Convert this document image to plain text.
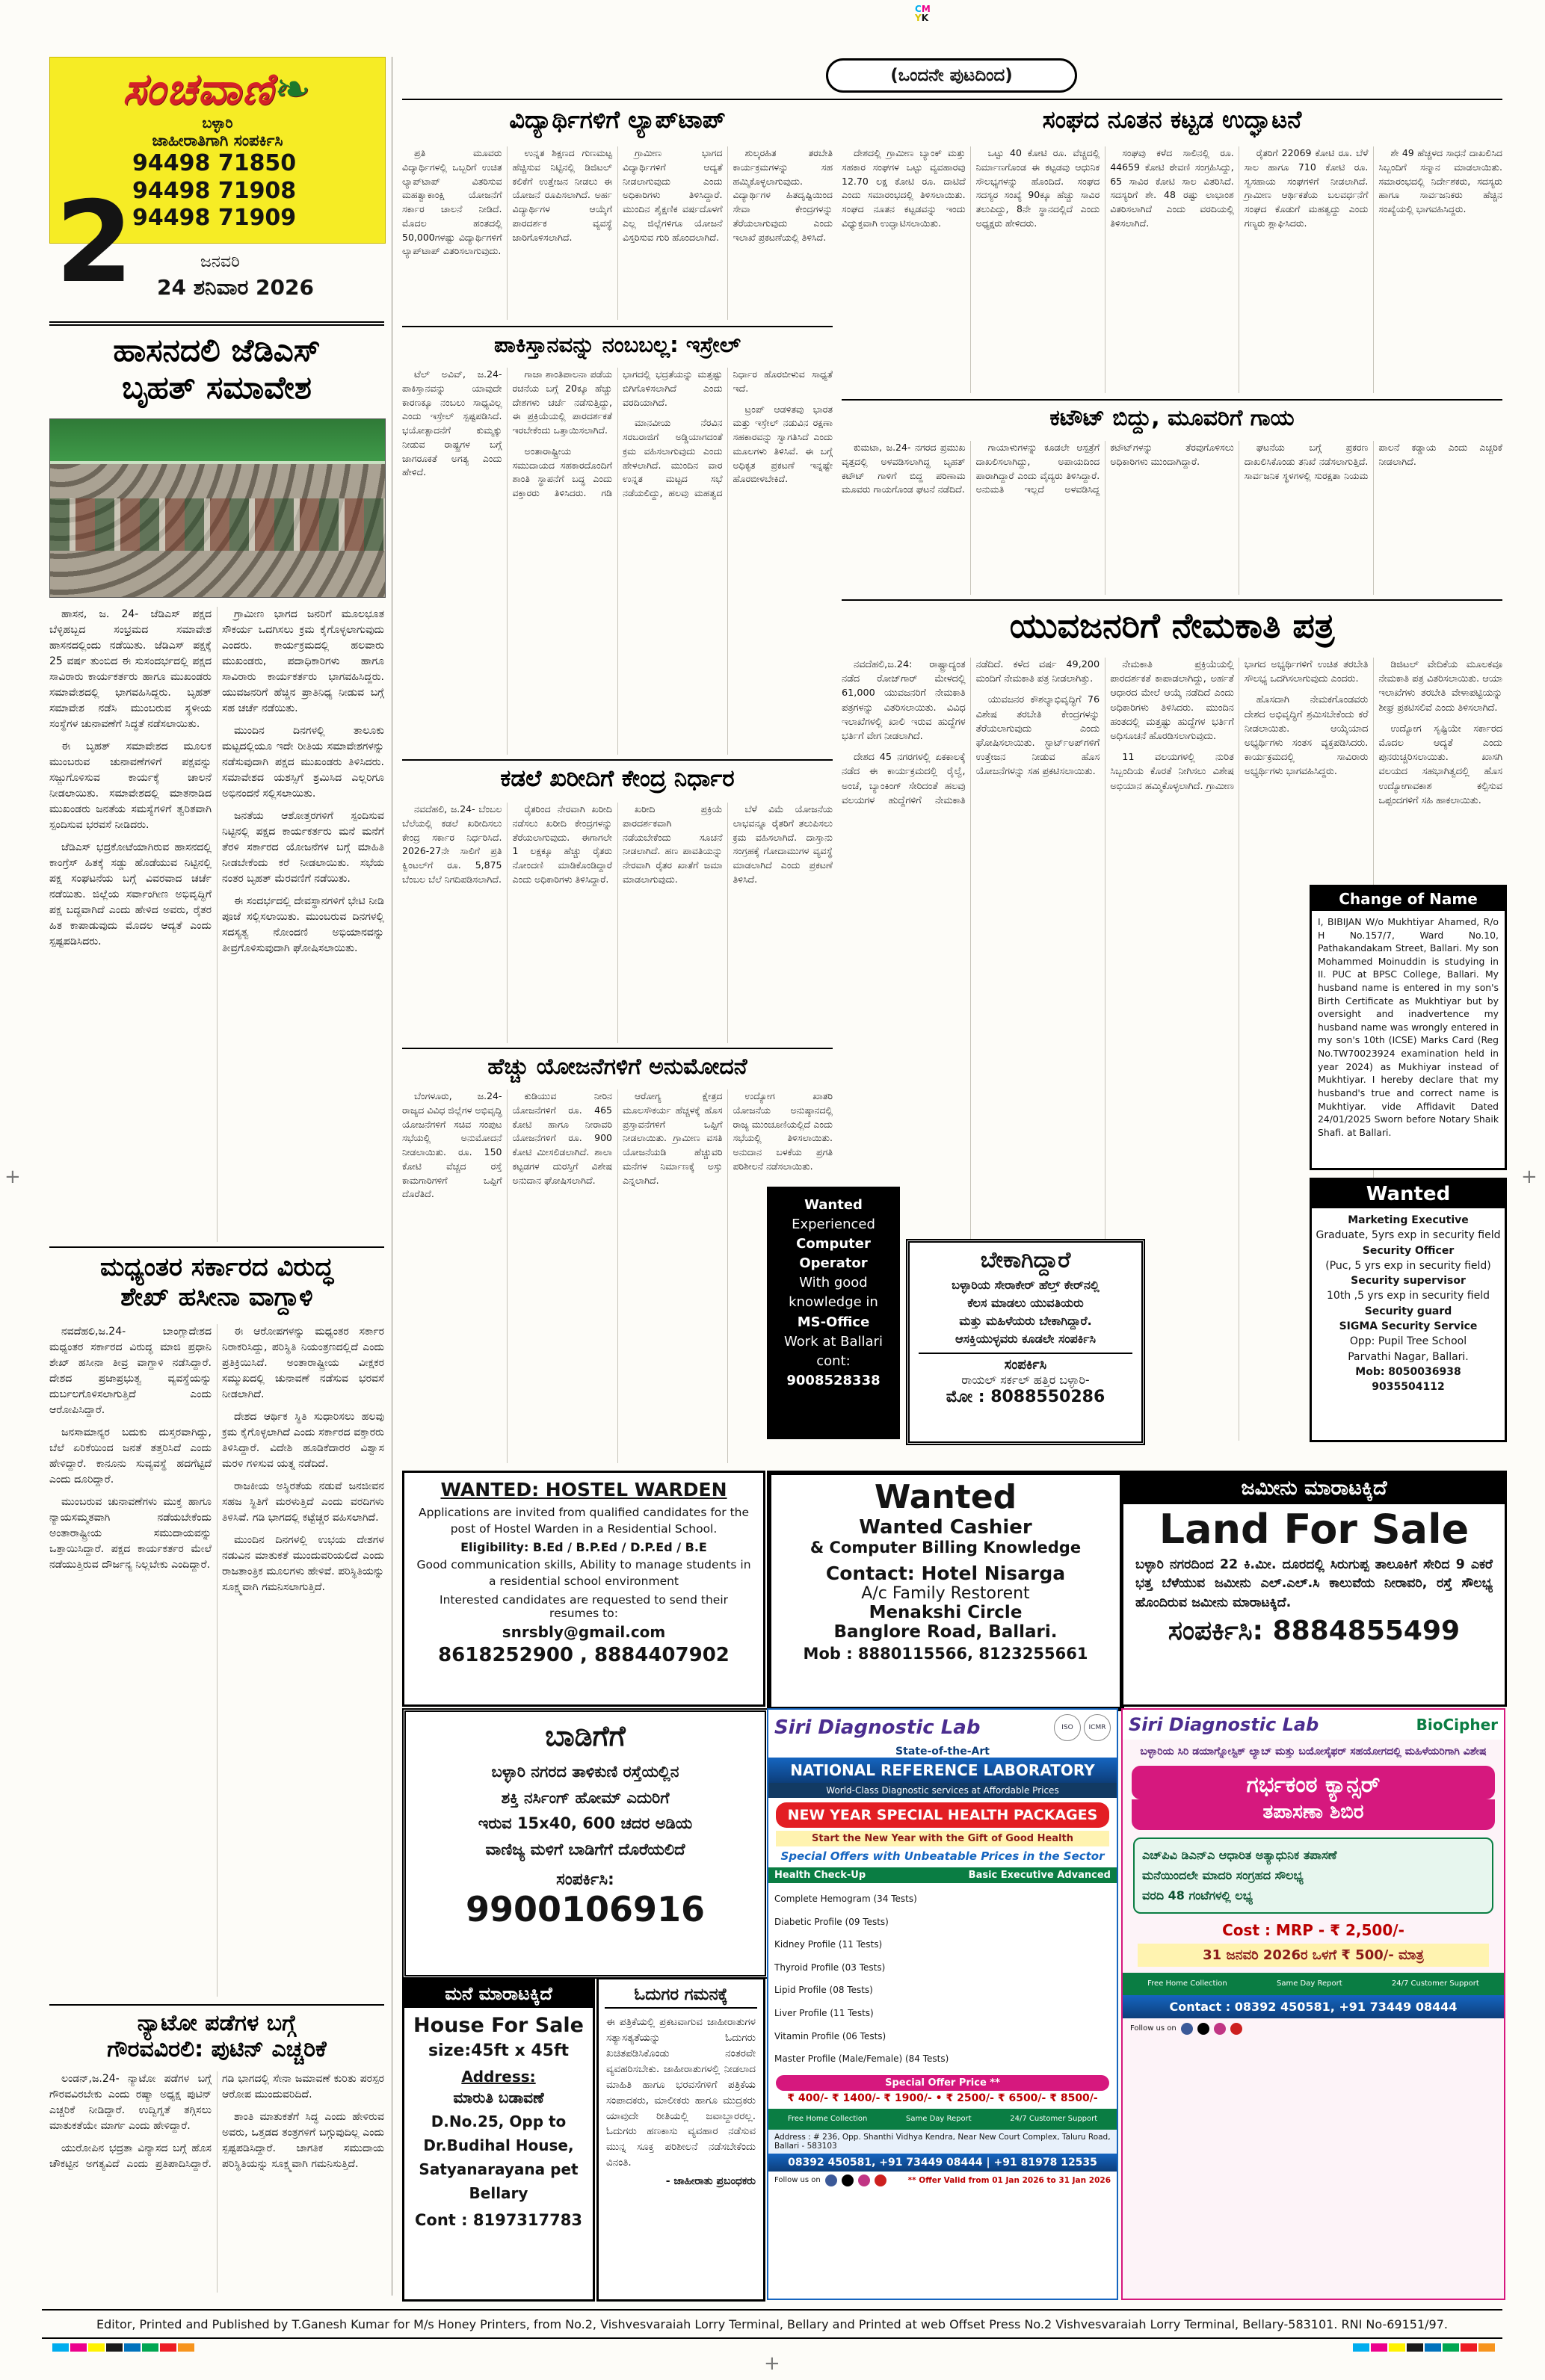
CM
YK
+	+
+
ಸಂಚವಾಣಿ❧
ಬಳ್ಳಾರಿ
ಜಾಹೀರಾತಿಗಾಗಿ ಸಂಪರ್ಕಿಸಿ
94498 71850
94498 71908
94498 71909
2	ಜನವರಿ
24 ಶನಿವಾರ 2026
ಹಾಸನದಲಿ ಜೆಡಿಎಸ್
ಬೃಹತ್ ಸಮಾವೇಶ

ಹಾಸನ, ಜ. 24- ಜೆಡಿಎಸ್ ಪಕ್ಷದ ಬೆಳ್ಳಿಹಬ್ಬದ ಸಂಭ್ರಮದ ಸಮಾವೇಶ ಹಾಸನದಲ್ಲಿಂದು ನಡೆಯಿತು. ಜೆಡಿಎಸ್ ಪಕ್ಷಕ್ಕೆ 25 ವರ್ಷ ತುಂಬಿದ ಈ ಸುಸಂದರ್ಭದಲ್ಲಿ ಪಕ್ಷದ ಸಾವಿರಾರು ಕಾರ್ಯಕರ್ತರು ಹಾಗೂ ಮುಖಂಡರು ಸಮಾವೇಶದಲ್ಲಿ ಭಾಗವಹಿಸಿದ್ದರು. ಬೃಹತ್ ಸಮಾವೇಶ ನಡೆಸಿ ಮುಂಬರುವ ಸ್ಥಳೀಯ ಸಂಸ್ಥೆಗಳ ಚುನಾವಣೆಗೆ ಸಿದ್ಧತೆ ನಡೆಸಲಾಯಿತು.

ಈ ಬೃಹತ್ ಸಮಾವೇಶದ ಮೂಲಕ ಮುಂಬರುವ ಚುನಾವಣೆಗಳಿಗೆ ಪಕ್ಷವನ್ನು ಸಜ್ಜುಗೊಳಿಸುವ ಕಾರ್ಯಕ್ಕೆ ಚಾಲನೆ ನೀಡಲಾಯಿತು. ಸಮಾವೇಶದಲ್ಲಿ ಮಾತನಾಡಿದ ಮುಖಂಡರು ಜನತೆಯ ಸಮಸ್ಯೆಗಳಿಗೆ ತ್ವರಿತವಾಗಿ ಸ್ಪಂದಿಸುವ ಭರವಸೆ ನೀಡಿದರು.

ಜೆಡಿಎಸ್ ಭದ್ರಕೋಟೆಯಾಗಿರುವ ಹಾಸನದಲ್ಲಿ ಕಾಂಗ್ರೆಸ್ ಹಿತಕ್ಕೆ ಸಡ್ಡು ಹೊಡೆಯುವ ನಿಟ್ಟಿನಲ್ಲಿ ಪಕ್ಷ ಸಂಘಟನೆಯ ಬಗ್ಗೆ ವಿವರವಾದ ಚರ್ಚೆ ನಡೆಯಿತು. ಜಿಲ್ಲೆಯ ಸರ್ವಾಂಗೀಣ ಅಭಿವೃದ್ಧಿಗೆ ಪಕ್ಷ ಬದ್ಧವಾಗಿದೆ ಎಂದು ಹೇಳಿದ ಅವರು, ರೈತರ ಹಿತ ಕಾಪಾಡುವುದು ಮೊದಲ ಆದ್ಯತೆ ಎಂದು ಸ್ಪಷ್ಟಪಡಿಸಿದರು.

ಗ್ರಾಮೀಣ ಭಾಗದ ಜನರಿಗೆ ಮೂಲಭೂತ ಸೌಕರ್ಯ ಒದಗಿಸಲು ಕ್ರಮ ಕೈಗೊಳ್ಳಲಾಗುವುದು ಎಂದರು. ಕಾರ್ಯಕ್ರಮದಲ್ಲಿ ಹಲವಾರು ಮುಖಂಡರು, ಪದಾಧಿಕಾರಿಗಳು ಹಾಗೂ ಸಾವಿರಾರು ಕಾರ್ಯಕರ್ತರು ಭಾಗವಹಿಸಿದ್ದರು. ಯುವಜನರಿಗೆ ಹೆಚ್ಚಿನ ಪ್ರಾತಿನಿಧ್ಯ ನೀಡುವ ಬಗ್ಗೆ ಸಹ ಚರ್ಚೆ ನಡೆಯಿತು.

ಮುಂದಿನ ದಿನಗಳಲ್ಲಿ ತಾಲೂಕು ಮಟ್ಟದಲ್ಲಿಯೂ ಇದೇ ರೀತಿಯ ಸಮಾವೇಶಗಳನ್ನು ನಡೆಸುವುದಾಗಿ ಪಕ್ಷದ ಮುಖಂಡರು ತಿಳಿಸಿದರು. ಸಮಾವೇಶದ ಯಶಸ್ಸಿಗೆ ಶ್ರಮಿಸಿದ ಎಲ್ಲರಿಗೂ ಅಭಿನಂದನೆ ಸಲ್ಲಿಸಲಾಯಿತು.

ಜನತೆಯ ಆಶೋತ್ತರಗಳಿಗೆ ಸ್ಪಂದಿಸುವ ನಿಟ್ಟಿನಲ್ಲಿ ಪಕ್ಷದ ಕಾರ್ಯಕರ್ತರು ಮನೆ ಮನೆಗೆ ತೆರಳಿ ಸರ್ಕಾರದ ಯೋಜನೆಗಳ ಬಗ್ಗೆ ಮಾಹಿತಿ ನೀಡಬೇಕೆಂದು ಕರೆ ನೀಡಲಾಯಿತು. ಸಭೆಯ ನಂತರ ಬೃಹತ್ ಮೆರವಣಿಗೆ ನಡೆಯಿತು.

ಈ ಸಂದರ್ಭದಲ್ಲಿ ದೇವಸ್ಥಾನಗಳಿಗೆ ಭೇಟಿ ನೀಡಿ ಪೂಜೆ ಸಲ್ಲಿಸಲಾಯಿತು. ಮುಂಬರುವ ದಿನಗಳಲ್ಲಿ ಸದಸ್ಯತ್ವ ನೋಂದಣಿ ಅಭಿಯಾನವನ್ನು ತೀವ್ರಗೊಳಿಸುವುದಾಗಿ ಘೋಷಿಸಲಾಯಿತು.

ಮಧ್ಯಂತರ ಸರ್ಕಾರದ ವಿರುದ್ಧ
ಶೇಖ್ ಹಸೀನಾ ವಾಗ್ದಾಳಿ

ನವದೆಹಲಿ,ಜ.24- ಬಾಂಗ್ಲಾದೇಶದ ಮಧ್ಯಂತರ ಸರ್ಕಾರದ ವಿರುದ್ಧ ಮಾಜಿ ಪ್ರಧಾನಿ ಶೇಖ್ ಹಸೀನಾ ತೀವ್ರ ವಾಗ್ದಾಳಿ ನಡೆಸಿದ್ದಾರೆ. ದೇಶದ ಪ್ರಜಾಪ್ರಭುತ್ವ ವ್ಯವಸ್ಥೆಯನ್ನು ದುರ್ಬಲಗೊಳಿಸಲಾಗುತ್ತಿದೆ ಎಂದು ಆರೋಪಿಸಿದ್ದಾರೆ.

ಜನಸಾಮಾನ್ಯರ ಬದುಕು ದುಸ್ತರವಾಗಿದ್ದು, ಬೆಲೆ ಏರಿಕೆಯಿಂದ ಜನತೆ ತತ್ತರಿಸಿದೆ ಎಂದು ಹೇಳಿದ್ದಾರೆ. ಕಾನೂನು ಸುವ್ಯವಸ್ಥೆ ಹದಗೆಟ್ಟಿದೆ ಎಂದು ದೂರಿದ್ದಾರೆ.

ಮುಂಬರುವ ಚುನಾವಣೆಗಳು ಮುಕ್ತ ಹಾಗೂ ನ್ಯಾಯಸಮ್ಮತವಾಗಿ ನಡೆಯಬೇಕೆಂದು ಅಂತಾರಾಷ್ಟ್ರೀಯ ಸಮುದಾಯವನ್ನು ಒತ್ತಾಯಿಸಿದ್ದಾರೆ. ಪಕ್ಷದ ಕಾರ್ಯಕರ್ತರ ಮೇಲೆ ನಡೆಯುತ್ತಿರುವ ದೌರ್ಜನ್ಯ ನಿಲ್ಲಬೇಕು ಎಂದಿದ್ದಾರೆ.

ಈ ಆರೋಪಗಳನ್ನು ಮಧ್ಯಂತರ ಸರ್ಕಾರ ನಿರಾಕರಿಸಿದ್ದು, ಪರಿಸ್ಥಿತಿ ನಿಯಂತ್ರಣದಲ್ಲಿದೆ ಎಂದು ಪ್ರತಿಕ್ರಿಯಿಸಿದೆ. ಅಂತಾರಾಷ್ಟ್ರೀಯ ವೀಕ್ಷಕರ ಸಮ್ಮುಖದಲ್ಲಿ ಚುನಾವಣೆ ನಡೆಸುವ ಭರವಸೆ ನೀಡಲಾಗಿದೆ.

ದೇಶದ ಆರ್ಥಿಕ ಸ್ಥಿತಿ ಸುಧಾರಿಸಲು ಹಲವು ಕ್ರಮ ಕೈಗೊಳ್ಳಲಾಗಿದೆ ಎಂದು ಸರ್ಕಾರದ ವಕ್ತಾರರು ತಿಳಿಸಿದ್ದಾರೆ. ವಿದೇಶಿ ಹೂಡಿಕೆದಾರರ ವಿಶ್ವಾಸ ಮರಳಿ ಗಳಿಸುವ ಯತ್ನ ನಡೆದಿದೆ.

ರಾಜಕೀಯ ಅಸ್ಥಿರತೆಯ ನಡುವೆ ಜನಜೀವನ ಸಹಜ ಸ್ಥಿತಿಗೆ ಮರಳುತ್ತಿದೆ ಎಂದು ವರದಿಗಳು ತಿಳಿಸಿವೆ. ಗಡಿ ಭಾಗದಲ್ಲಿ ಕಟ್ಟೆಚ್ಚರ ವಹಿಸಲಾಗಿದೆ.

ಮುಂದಿನ ದಿನಗಳಲ್ಲಿ ಉಭಯ ದೇಶಗಳ ನಡುವಿನ ಮಾತುಕತೆ ಮುಂದುವರಿಯಲಿದೆ ಎಂದು ರಾಜತಾಂತ್ರಿಕ ಮೂಲಗಳು ಹೇಳಿವೆ. ಪರಿಸ್ಥಿತಿಯನ್ನು ಸೂಕ್ಷ್ಮವಾಗಿ ಗಮನಿಸಲಾಗುತ್ತಿದೆ.

ನ್ಯಾಟೋ ಪಡೆಗಳ ಬಗ್ಗೆ
ಗೌರವವಿರಲಿ: ಪುಟಿನ್ ಎಚ್ಚರಿಕೆ

ಲಂಡನ್,ಜ.24- ನ್ಯಾಟೋ ಪಡೆಗಳ ಬಗ್ಗೆ ಗೌರವವಿರಬೇಕು ಎಂದು ರಷ್ಯಾ ಅಧ್ಯಕ್ಷ ಪುಟಿನ್ ಎಚ್ಚರಿಕೆ ನೀಡಿದ್ದಾರೆ. ಉದ್ವಿಗ್ನತೆ ತಗ್ಗಿಸಲು ಮಾತುಕತೆಯೇ ಮಾರ್ಗ ಎಂದು ಹೇಳಿದ್ದಾರೆ.

ಯುರೋಪಿನ ಭದ್ರತಾ ವಿನ್ಯಾಸದ ಬಗ್ಗೆ ಹೊಸ ಚೌಕಟ್ಟಿನ ಅಗತ್ಯವಿದೆ ಎಂದು ಪ್ರತಿಪಾದಿಸಿದ್ದಾರೆ. ಗಡಿ ಭಾಗದಲ್ಲಿ ಸೇನಾ ಜಮಾವಣೆ ಕುರಿತು ಪರಸ್ಪರ ಆರೋಪ ಮುಂದುವರಿದಿದೆ.

ಶಾಂತಿ ಮಾತುಕತೆಗೆ ಸಿದ್ಧ ಎಂದು ಹೇಳಿರುವ ಅವರು, ಒತ್ತಡದ ತಂತ್ರಗಳಿಗೆ ಬಗ್ಗುವುದಿಲ್ಲ ಎಂದು ಸ್ಪಷ್ಟಪಡಿಸಿದ್ದಾರೆ. ಜಾಗತಿಕ ಸಮುದಾಯ ಪರಿಸ್ಥಿತಿಯನ್ನು ಸೂಕ್ಷ್ಮವಾಗಿ ಗಮನಿಸುತ್ತಿದೆ.

(ಒಂದನೇ ಪುಟದಿಂದ)
ವಿದ್ಯಾರ್ಥಿಗಳಿಗೆ ಲ್ಯಾಪ್‌ಟಾಪ್

ಪ್ರತಿ ಮೂವರು ವಿದ್ಯಾರ್ಥಿಗಳಲ್ಲಿ ಒಬ್ಬರಿಗೆ ಉಚಿತ ಲ್ಯಾಪ್‌ಟಾಪ್ ವಿತರಿಸುವ ಮಹತ್ವಾಕಾಂಕ್ಷಿ ಯೋಜನೆಗೆ ಸರ್ಕಾರ ಚಾಲನೆ ನೀಡಿದೆ. ಮೊದಲ ಹಂತದಲ್ಲಿ 50,000ಗಳಷ್ಟು ವಿದ್ಯಾರ್ಥಿಗಳಿಗೆ ಲ್ಯಾಪ್‌ಟಾಪ್ ವಿತರಿಸಲಾಗುವುದು.

ಉನ್ನತ ಶಿಕ್ಷಣದ ಗುಣಮಟ್ಟ ಹೆಚ್ಚಿಸುವ ನಿಟ್ಟಿನಲ್ಲಿ ಡಿಜಿಟಲ್ ಕಲಿಕೆಗೆ ಉತ್ತೇಜನ ನೀಡಲು ಈ ಯೋಜನೆ ರೂಪಿಸಲಾಗಿದೆ. ಅರ್ಹ ವಿದ್ಯಾರ್ಥಿಗಳ ಆಯ್ಕೆಗೆ ಪಾರದರ್ಶಕ ವ್ಯವಸ್ಥೆ ಜಾರಿಗೊಳಿಸಲಾಗಿದೆ.

ಗ್ರಾಮೀಣ ಭಾಗದ ವಿದ್ಯಾರ್ಥಿಗಳಿಗೆ ಆದ್ಯತೆ ನೀಡಲಾಗುವುದು ಎಂದು ಅಧಿಕಾರಿಗಳು ತಿಳಿಸಿದ್ದಾರೆ. ಮುಂದಿನ ಶೈಕ್ಷಣಿಕ ವರ್ಷದೊಳಗೆ ಎಲ್ಲ ಜಿಲ್ಲೆಗಳಿಗೂ ಯೋಜನೆ ವಿಸ್ತರಿಸುವ ಗುರಿ ಹೊಂದಲಾಗಿದೆ.

ಶುಲ್ಕರಹಿತ ತರಬೇತಿ ಕಾರ್ಯಕ್ರಮಗಳನ್ನು ಸಹ ಹಮ್ಮಿಕೊಳ್ಳಲಾಗುವುದು. ವಿದ್ಯಾರ್ಥಿಗಳ ಹಿತದೃಷ್ಟಿಯಿಂದ ಸೇವಾ ಕೇಂದ್ರಗಳನ್ನು ತೆರೆಯಲಾಗುವುದು ಎಂದು ಇಲಾಖೆ ಪ್ರಕಟಣೆಯಲ್ಲಿ ತಿಳಿಸಿದೆ.

ಸಂಘದ ನೂತನ ಕಟ್ಟಡ ಉದ್ಘಾಟನೆ

ದೇಶದಲ್ಲಿ ಗ್ರಾಮೀಣ ಬ್ಯಾಂಕ್ ಮತ್ತು ಸಹಕಾರ ಸಂಘಗಳ ಒಟ್ಟು ವ್ಯವಹಾರವು 12.70 ಲಕ್ಷ ಕೋಟಿ ರೂ. ದಾಟಿದೆ ಎಂದು ಸಮಾರಂಭದಲ್ಲಿ ತಿಳಿಸಲಾಯಿತು. ಸಂಘದ ನೂತನ ಕಟ್ಟಡವನ್ನು ಇಂದು ವಿಧ್ಯುಕ್ತವಾಗಿ ಉದ್ಘಾಟಿಸಲಾಯಿತು.

ಒಟ್ಟು 40 ಕೋಟಿ ರೂ. ವೆಚ್ಚದಲ್ಲಿ ನಿರ್ಮಾಣಗೊಂಡ ಈ ಕಟ್ಟಡವು ಆಧುನಿಕ ಸೌಲಭ್ಯಗಳನ್ನು ಹೊಂದಿದೆ. ಸಂಘದ ಸದಸ್ಯರ ಸಂಖ್ಯೆ 90ಕ್ಕೂ ಹೆಚ್ಚು ಸಾವಿರ ತಲುಪಿದ್ದು, 8ನೇ ಸ್ಥಾನದಲ್ಲಿದೆ ಎಂದು ಅಧ್ಯಕ್ಷರು ಹೇಳಿದರು.

ಸಂಘವು ಕಳೆದ ಸಾಲಿನಲ್ಲಿ ರೂ. 44659 ಕೋಟಿ ಠೇವಣಿ ಸಂಗ್ರಹಿಸಿದ್ದು, 65 ಸಾವಿರ ಕೋಟಿ ಸಾಲ ವಿತರಿಸಿದೆ. ಸದಸ್ಯರಿಗೆ ಶೇ. 48 ರಷ್ಟು ಲಾಭಾಂಶ ವಿತರಿಸಲಾಗಿದೆ ಎಂದು ವರದಿಯಲ್ಲಿ ತಿಳಿಸಲಾಗಿದೆ.

ರೈತರಿಗೆ 22069 ಕೋಟಿ ರೂ. ಬೆಳೆ ಸಾಲ ಹಾಗೂ 710 ಕೋಟಿ ರೂ. ಸ್ವಸಹಾಯ ಸಂಘಗಳಿಗೆ ನೀಡಲಾಗಿದೆ. ಗ್ರಾಮೀಣ ಆರ್ಥಿಕತೆಯ ಬಲವರ್ಧನೆಗೆ ಸಂಘದ ಕೊಡುಗೆ ಮಹತ್ವದ್ದು ಎಂದು ಗಣ್ಯರು ಶ್ಲಾಘಿಸಿದರು.

ಶೇ 49 ಹೆಚ್ಚಳದ ಸಾಧನೆ ದಾಖಲಿಸಿದ ಸಿಬ್ಬಂದಿಗೆ ಸನ್ಮಾನ ಮಾಡಲಾಯಿತು. ಸಮಾರಂಭದಲ್ಲಿ ನಿರ್ದೇಶಕರು, ಸದಸ್ಯರು ಹಾಗೂ ಸಾರ್ವಜನಿಕರು ಹೆಚ್ಚಿನ ಸಂಖ್ಯೆಯಲ್ಲಿ ಭಾಗವಹಿಸಿದ್ದರು.

ಪಾಕಿಸ್ತಾನವನ್ನು ನಂಬಬಲ್ಲ: ಇಸ್ರೇಲ್

ಟೆಲ್ ಅವಿವ್, ಜ.24- ಪಾಕಿಸ್ತಾನವನ್ನು ಯಾವುದೇ ಕಾರಣಕ್ಕೂ ನಂಬಲು ಸಾಧ್ಯವಿಲ್ಲ ಎಂದು ಇಸ್ರೇಲ್ ಸ್ಪಷ್ಟಪಡಿಸಿದೆ. ಭಯೋತ್ಪಾದನೆಗೆ ಕುಮ್ಮಕ್ಕು ನೀಡುವ ರಾಷ್ಟ್ರಗಳ ಬಗ್ಗೆ ಜಾಗರೂಕತೆ ಅಗತ್ಯ ಎಂದು ಹೇಳಿದೆ.

ಗಾಜಾ ಶಾಂತಿಪಾಲನಾ ಪಡೆಯ ರಚನೆಯ ಬಗ್ಗೆ 20ಕ್ಕೂ ಹೆಚ್ಚು ದೇಶಗಳು ಚರ್ಚೆ ನಡೆಸುತ್ತಿದ್ದು, ಈ ಪ್ರಕ್ರಿಯೆಯಲ್ಲಿ ಪಾರದರ್ಶಕತೆ ಇರಬೇಕೆಂದು ಒತ್ತಾಯಿಸಲಾಗಿದೆ.

ಅಂತಾರಾಷ್ಟ್ರೀಯ ಸಮುದಾಯದ ಸಹಕಾರದೊಂದಿಗೆ ಶಾಂತಿ ಸ್ಥಾಪನೆಗೆ ಬದ್ಧ ಎಂದು ವಕ್ತಾರರು ತಿಳಿಸಿದರು. ಗಡಿ ಭಾಗದಲ್ಲಿ ಭದ್ರತೆಯನ್ನು ಮತ್ತಷ್ಟು ಬಿಗಿಗೊಳಿಸಲಾಗಿದೆ ಎಂದು ವರದಿಯಾಗಿದೆ.

ಮಾನವೀಯ ನೆರವಿನ ಸರಬರಾಜಿಗೆ ಅಡ್ಡಿಯಾಗದಂತೆ ಕ್ರಮ ವಹಿಸಲಾಗುವುದು ಎಂದು ಹೇಳಲಾಗಿದೆ. ಮುಂದಿನ ವಾರ ಉನ್ನತ ಮಟ್ಟದ ಸಭೆ ನಡೆಯಲಿದ್ದು, ಹಲವು ಮಹತ್ವದ ನಿರ್ಧಾರ ಹೊರಬೀಳುವ ಸಾಧ್ಯತೆ ಇದೆ.

ಟ್ರಂಪ್ ಆಡಳಿತವು ಭಾರತ ಮತ್ತು ಇಸ್ರೇಲ್ ನಡುವಿನ ರಕ್ಷಣಾ ಸಹಕಾರವನ್ನು ಸ್ವಾಗತಿಸಿದೆ ಎಂದು ಮೂಲಗಳು ತಿಳಿಸಿವೆ. ಈ ಬಗ್ಗೆ ಅಧಿಕೃತ ಪ್ರಕಟಣೆ ಇನ್ನಷ್ಟೇ ಹೊರಬೀಳಬೇಕಿದೆ.

ಕಟೌಟ್ ಬಿದ್ದು, ಮೂವರಿಗೆ ಗಾಯ

ಕುಮಟಾ, ಜ.24- ನಗರದ ಪ್ರಮುಖ ವೃತ್ತದಲ್ಲಿ ಅಳವಡಿಸಲಾಗಿದ್ದ ಬೃಹತ್ ಕಟೌಟ್ ಗಾಳಿಗೆ ಬಿದ್ದ ಪರಿಣಾಮ ಮೂವರು ಗಾಯಗೊಂಡ ಘಟನೆ ನಡೆದಿದೆ.

ಗಾಯಾಳುಗಳನ್ನು ಕೂಡಲೇ ಆಸ್ಪತ್ರೆಗೆ ದಾಖಲಿಸಲಾಗಿದ್ದು, ಅಪಾಯದಿಂದ ಪಾರಾಗಿದ್ದಾರೆ ಎಂದು ವೈದ್ಯರು ತಿಳಿಸಿದ್ದಾರೆ. ಅನುಮತಿ ಇಲ್ಲದೆ ಅಳವಡಿಸಿದ್ದ ಕಟೌಟ್‌ಗಳನ್ನು ತೆರವುಗೊಳಿಸಲು ಅಧಿಕಾರಿಗಳು ಮುಂದಾಗಿದ್ದಾರೆ.

ಘಟನೆಯ ಬಗ್ಗೆ ಪ್ರಕರಣ ದಾಖಲಿಸಿಕೊಂಡು ತನಿಖೆ ನಡೆಸಲಾಗುತ್ತಿದೆ. ಸಾರ್ವಜನಿಕ ಸ್ಥಳಗಳಲ್ಲಿ ಸುರಕ್ಷತಾ ನಿಯಮ ಪಾಲನೆ ಕಡ್ಡಾಯ ಎಂದು ಎಚ್ಚರಿಕೆ ನೀಡಲಾಗಿದೆ.

ಯುವಜನರಿಗೆ ನೇಮಕಾತಿ ಪತ್ರ

ನವದೆಹಲಿ,ಜ.24: ರಾಷ್ಟ್ರಾದ್ಯಂತ ನಡೆದ ರೋಜ್‌ಗಾರ್ ಮೇಳದಲ್ಲಿ 61,000 ಯುವಜನರಿಗೆ ನೇಮಕಾತಿ ಪತ್ರಗಳನ್ನು ವಿತರಿಸಲಾಯಿತು. ವಿವಿಧ ಇಲಾಖೆಗಳಲ್ಲಿ ಖಾಲಿ ಇರುವ ಹುದ್ದೆಗಳ ಭರ್ತಿಗೆ ವೇಗ ನೀಡಲಾಗಿದೆ.

ದೇಶದ 45 ನಗರಗಳಲ್ಲಿ ಏಕಕಾಲಕ್ಕೆ ನಡೆದ ಈ ಕಾರ್ಯಕ್ರಮದಲ್ಲಿ ರೈಲ್ವೆ, ಅಂಚೆ, ಬ್ಯಾಂಕಿಂಗ್ ಸೇರಿದಂತೆ ಹಲವು ವಲಯಗಳ ಹುದ್ದೆಗಳಿಗೆ ನೇಮಕಾತಿ ನಡೆದಿದೆ. ಕಳೆದ ವರ್ಷ 49,200 ಮಂದಿಗೆ ನೇಮಕಾತಿ ಪತ್ರ ನೀಡಲಾಗಿತ್ತು.

ಯುವಜನರ ಕೌಶಲ್ಯಾಭಿವೃದ್ಧಿಗೆ 76 ವಿಶೇಷ ತರಬೇತಿ ಕೇಂದ್ರಗಳನ್ನು ತೆರೆಯಲಾಗುವುದು ಎಂದು ಘೋಷಿಸಲಾಯಿತು. ಸ್ಟಾರ್ಟ್‌ಅಪ್‌ಗಳಿಗೆ ಉತ್ತೇಜನ ನೀಡುವ ಹೊಸ ಯೋಜನೆಗಳನ್ನು ಸಹ ಪ್ರಕಟಿಸಲಾಯಿತು.

ನೇಮಕಾತಿ ಪ್ರಕ್ರಿಯೆಯಲ್ಲಿ ಪಾರದರ್ಶಕತೆ ಕಾಪಾಡಲಾಗಿದ್ದು, ಅರ್ಹತೆ ಆಧಾರದ ಮೇಲೆ ಆಯ್ಕೆ ನಡೆದಿದೆ ಎಂದು ಅಧಿಕಾರಿಗಳು ತಿಳಿಸಿದರು. ಮುಂದಿನ ಹಂತದಲ್ಲಿ ಮತ್ತಷ್ಟು ಹುದ್ದೆಗಳ ಭರ್ತಿಗೆ ಅಧಿಸೂಚನೆ ಹೊರಡಿಸಲಾಗುವುದು.

11 ವಲಯಗಳಲ್ಲಿ ನುರಿತ ಸಿಬ್ಬಂದಿಯ ಕೊರತೆ ನೀಗಿಸಲು ವಿಶೇಷ ಅಭಿಯಾನ ಹಮ್ಮಿಕೊಳ್ಳಲಾಗಿದೆ. ಗ್ರಾಮೀಣ ಭಾಗದ ಅಭ್ಯರ್ಥಿಗಳಿಗೆ ಉಚಿತ ತರಬೇತಿ ಸೌಲಭ್ಯ ಒದಗಿಸಲಾಗುವುದು ಎಂದರು.

ಹೊಸದಾಗಿ ನೇಮಕಗೊಂಡವರು ದೇಶದ ಅಭಿವೃದ್ಧಿಗೆ ಶ್ರಮಿಸಬೇಕೆಂದು ಕರೆ ನೀಡಲಾಯಿತು. ಆಯ್ಕೆಯಾದ ಅಭ್ಯರ್ಥಿಗಳು ಸಂತಸ ವ್ಯಕ್ತಪಡಿಸಿದರು. ಕಾರ್ಯಕ್ರಮದಲ್ಲಿ ಸಾವಿರಾರು ಅಭ್ಯರ್ಥಿಗಳು ಭಾಗವಹಿಸಿದ್ದರು.

ಡಿಜಿಟಲ್ ವೇದಿಕೆಯ ಮೂಲಕವೂ ನೇಮಕಾತಿ ಪತ್ರ ವಿತರಿಸಲಾಯಿತು. ಆಯಾ ಇಲಾಖೆಗಳು ತರಬೇತಿ ವೇಳಾಪಟ್ಟಿಯನ್ನು ಶೀಘ್ರ ಪ್ರಕಟಿಸಲಿವೆ ಎಂದು ತಿಳಿಸಲಾಗಿದೆ.

ಉದ್ಯೋಗ ಸೃಷ್ಟಿಯೇ ಸರ್ಕಾರದ ಮೊದಲ ಆದ್ಯತೆ ಎಂದು ಪುನರುಚ್ಚರಿಸಲಾಯಿತು. ಖಾಸಗಿ ವಲಯದ ಸಹಭಾಗಿತ್ವದಲ್ಲಿ ಹೊಸ ಉದ್ಯೋಗಾವಕಾಶ ಕಲ್ಪಿಸುವ ಒಪ್ಪಂದಗಳಿಗೆ ಸಹಿ ಹಾಕಲಾಯಿತು.

ಕಡಲೆ ಖರೀದಿಗೆ ಕೇಂದ್ರ ನಿರ್ಧಾರ

ನವದೆಹಲಿ, ಜ.24- ಬೆಂಬಲ ಬೆಲೆಯಲ್ಲಿ ಕಡಲೆ ಖರೀದಿಸಲು ಕೇಂದ್ರ ಸರ್ಕಾರ ನಿರ್ಧರಿಸಿದೆ. 2026-27ನೇ ಸಾಲಿಗೆ ಪ್ರತಿ ಕ್ವಿಂಟಲ್‌ಗೆ ರೂ. 5,875 ಬೆಂಬಲ ಬೆಲೆ ನಿಗದಿಪಡಿಸಲಾಗಿದೆ.

ರೈತರಿಂದ ನೇರವಾಗಿ ಖರೀದಿ ನಡೆಸಲು ಖರೀದಿ ಕೇಂದ್ರಗಳನ್ನು ತೆರೆಯಲಾಗುವುದು. ಈಗಾಗಲೇ 1 ಲಕ್ಷಕ್ಕೂ ಹೆಚ್ಚು ರೈತರು ನೋಂದಣಿ ಮಾಡಿಕೊಂಡಿದ್ದಾರೆ ಎಂದು ಅಧಿಕಾರಿಗಳು ತಿಳಿಸಿದ್ದಾರೆ.

ಖರೀದಿ ಪ್ರಕ್ರಿಯೆ ಪಾರದರ್ಶಕವಾಗಿ ನಡೆಯಬೇಕೆಂದು ಸೂಚನೆ ನೀಡಲಾಗಿದೆ. ಹಣ ಪಾವತಿಯನ್ನು ನೇರವಾಗಿ ರೈತರ ಖಾತೆಗೆ ಜಮಾ ಮಾಡಲಾಗುವುದು.

ಬೆಳೆ ವಿಮೆ ಯೋಜನೆಯ ಲಾಭವನ್ನೂ ರೈತರಿಗೆ ತಲುಪಿಸಲು ಕ್ರಮ ವಹಿಸಲಾಗಿದೆ. ದಾಸ್ತಾನು ಸಂಗ್ರಹಕ್ಕೆ ಗೋದಾಮುಗಳ ವ್ಯವಸ್ಥೆ ಮಾಡಲಾಗಿದೆ ಎಂದು ಪ್ರಕಟಣೆ ತಿಳಿಸಿದೆ.

ಹೆಚ್ಚು ಯೋಜನೆಗಳಿಗೆ ಅನುಮೋದನೆ

ಬೆಂಗಳೂರು, ಜ.24- ರಾಜ್ಯದ ವಿವಿಧ ಜಿಲ್ಲೆಗಳ ಅಭಿವೃದ್ಧಿ ಯೋಜನೆಗಳಿಗೆ ಸಚಿವ ಸಂಪುಟ ಸಭೆಯಲ್ಲಿ ಅನುಮೋದನೆ ನೀಡಲಾಯಿತು. ರೂ. 150 ಕೋಟಿ ವೆಚ್ಚದ ರಸ್ತೆ ಕಾಮಗಾರಿಗಳಿಗೆ ಒಪ್ಪಿಗೆ ದೊರೆತಿದೆ.

ಕುಡಿಯುವ ನೀರಿನ ಯೋಜನೆಗಳಿಗೆ ರೂ. 465 ಕೋಟಿ ಹಾಗೂ ನೀರಾವರಿ ಯೋಜನೆಗಳಿಗೆ ರೂ. 900 ಕೋಟಿ ಮೀಸಲಿಡಲಾಗಿದೆ. ಶಾಲಾ ಕಟ್ಟಡಗಳ ದುರಸ್ತಿಗೆ ವಿಶೇಷ ಅನುದಾನ ಘೋಷಿಸಲಾಗಿದೆ.

ಆರೋಗ್ಯ ಕ್ಷೇತ್ರದ ಮೂಲಸೌಕರ್ಯ ಹೆಚ್ಚಳಕ್ಕೆ ಹೊಸ ಪ್ರಸ್ತಾವನೆಗಳಿಗೆ ಒಪ್ಪಿಗೆ ನೀಡಲಾಯಿತು. ಗ್ರಾಮೀಣ ವಸತಿ ಯೋಜನೆಯಡಿ ಹೆಚ್ಚುವರಿ ಮನೆಗಳ ನಿರ್ಮಾಣಕ್ಕೆ ಅಸ್ತು ಎನ್ನಲಾಗಿದೆ.

ಉದ್ಯೋಗ ಖಾತರಿ ಯೋಜನೆಯ ಅನುಷ್ಠಾನದಲ್ಲಿ ರಾಜ್ಯ ಮುಂಚೂಣಿಯಲ್ಲಿದೆ ಎಂದು ಸಭೆಯಲ್ಲಿ ತಿಳಿಸಲಾಯಿತು. ಅನುದಾನ ಬಳಕೆಯ ಪ್ರಗತಿ ಪರಿಶೀಲನೆ ನಡೆಸಲಾಯಿತು.

Change of Name
I, BIBIJAN W/o Mukhtiyar Ahamed, R/o H No.157/7, Ward No.10, Pathakandakam Street, Ballari. My son Mohammed Moinuddin is studying in II. PUC at BPSC College, Ballari. My husband name is entered in my son's Birth Certificate as Mukhtiyar but by oversight and inadvertence my husband name was wrongly entered in my son's 10th (ICSE) Marks Card (Reg No.TW70023924 examination held in year 2024) as Mukhiyar instead of Mukhtiyar. I hereby declare that my husband's true and correct name is Mukhtiyar. vide Affidavit Dated 24/01/2025 Sworn before Notary Shaik Shafi. at Ballari.
Wanted
Marketing Executive
Graduate, 5yrs exp in security field
Security Officer
(Puc, 5 yrs exp in security field)
Security supervisor
10th ,5 yrs exp in security field
Security guard
SIGMA Security Service
Opp: Pupil Tree School
Parvathi Nagar, Ballari.
Mob: 8050036938
9035504112
Wanted
Experienced
Computer Operator
With good
knowledge in
MS-Office
Work at Ballari
cont:
9008528338
ಬೇಕಾಗಿದ್ದಾರೆ
ಬಳ್ಳಾರಿಯ ಸೇರಾಕೇರ್ ಹೆಲ್ತ್ ಕೇರ್‌ನಲ್ಲಿ
ಕೆಲಸ ಮಾಡಲು ಯುವತಿಯರು
ಮತ್ತು ಮಹಿಳೆಯರು ಬೇಕಾಗಿದ್ದಾರೆ.
ಆಸಕ್ತಿಯುಳ್ಳವರು ಕೂಡಲೇ ಸಂಪರ್ಕಿಸಿ
ಸಂಪರ್ಕಿಸಿ
ರಾಯಲ್ ಸರ್ಕಲ್ ಹತ್ತಿರ ಬಳ್ಳಾರಿ-
ಮೋ : 8088550286
WANTED: HOSTEL WARDEN
Applications are invited from qualified candidates for the post of Hostel Warden in a Residential School.
Eligibility: B.Ed / B.P.Ed / D.P.Ed / B.E
Good communication skills, Ability to manage students in a residential school environment
Interested candidates are requested to send their resumes to:
snrsbly@gmail.com
8618252900 , 8884407902
Wanted
Wanted Cashier
& Computer Billing Knowledge
Contact: Hotel Nisarga
A/c Family Restorent
Menakshi Circle
Banglore Road, Ballari.
Mob : 8880115566, 8123255661
ಜಮೀನು ಮಾರಾಟಕ್ಕಿದೆ
Land For Sale
ಬಳ್ಳಾರಿ ನಗರದಿಂದ 22 ಕಿ.ಮೀ. ದೂರದಲ್ಲಿ ಸಿರುಗುಪ್ಪ ತಾಲೂಕಿಗೆ ಸೇರಿದ 9 ಎಕರೆ ಭತ್ತ ಬೆಳೆಯುವ ಜಮೀನು ಎಲ್.ಎಲ್.ಸಿ ಕಾಲುವೆಯ ನೀರಾವರಿ, ರಸ್ತೆ ಸೌಲಭ್ಯ ಹೊಂದಿರುವ ಜಮೀನು ಮಾರಾಟಕ್ಕಿದೆ.
ಸಂಪರ್ಕಿಸಿ: 8884855499
ಬಾಡಿಗೆಗೆ
ಬಳ್ಳಾರಿ ನಗರದ ತಾಳಿಕುಣಿ ರಸ್ತೆಯಲ್ಲಿನ
ಶಕ್ತಿ ನರ್ಸಿಂಗ್ ಹೋಮ್ ಎದುರಿಗೆ
ಇರುವ 15x40, 600 ಚದರ ಅಡಿಯ
ವಾಣಿಜ್ಯ ಮಳಿಗೆ ಬಾಡಿಗೆಗೆ ದೊರೆಯಲಿದೆ
ಸಂಪರ್ಕಿಸಿ:
9900106916
Siri Diagnostic Lab	ISO	ICMR
State-of-the-Art
NATIONAL REFERENCE LABORATORY
World-Class Diagnostic services at Affordable Prices
NEW YEAR SPECIAL HEALTH PACKAGES
Start the New Year with the Gift of Good Health
Special Offers with Unbeatable Prices in the Sector
Health Check-Up	Basic Executive Advanced

Complete Hemogram (34 Tests)

Diabetic Profile (09 Tests)

Kidney Profile (11 Tests)

Thyroid Profile (03 Tests)

Lipid Profile (08 Tests)

Liver Profile (11 Tests)

Vitamin Profile (06 Tests)

Master Profile (Male/Female) (84 Tests)

Special Offer Price **
₹ 400/- ₹ 1400/- ₹ 1900/- • ₹ 2500/- ₹ 6500/- ₹ 8500/-
Free Home Collection	Same Day Report	24/7 Customer Support
Address : # 236, Opp. Shanthi Vidhya Kendra, Near New Court Complex, Taluru Road, Ballari - 583103
08392 450581, +91 73449 08444 | +91 81978 12535
Follow us on	** Offer Valid from 01 Jan 2026 to 31 Jan 2026
Siri Diagnostic Lab	BioCipher
ಬಳ್ಳಾರಿಯ ಸಿರಿ ಡಯಾಗ್ನೋಸ್ಟಿಕ್ ಲ್ಯಾಬ್ ಮತ್ತು ಬಯೋಸೈಫರ್ ಸಹಯೋಗದಲ್ಲಿ ಮಹಿಳೆಯರಿಗಾಗಿ ವಿಶೇಷ
ಗರ್ಭಕಂಠ ಕ್ಯಾನ್ಸರ್
ತಪಾಸಣಾ ಶಿಬಿರ
ಎಚ್‌ಪಿವಿ ಡಿಎನ್‌ಎ ಆಧಾರಿತ ಅತ್ಯಾಧುನಿಕ ತಪಾಸಣೆ
ಮನೆಯಿಂದಲೇ ಮಾದರಿ ಸಂಗ್ರಹದ ಸೌಲಭ್ಯ
ವರದಿ 48 ಗಂಟೆಗಳಲ್ಲಿ ಲಭ್ಯ
Cost : MRP - ₹ 2,500/-
31 ಜನವರಿ 2026ರ ಒಳಗೆ ₹ 500/- ಮಾತ್ರ
Free Home Collection	Same Day Report	24/7 Customer Support
Contact : 08392 450581, +91 73449 08444
Follow us on
ಮನೆ ಮಾರಾಟಕ್ಕಿದೆ
House For Sale
size:45ft x 45ft
Address:
ಮಾರುತಿ ಬಡಾವಣೆ
D.No.25, Opp to
Dr.Budihal House,
Satyanarayana pet
Bellary
Cont : 8197317783
ಓದುಗರ ಗಮನಕ್ಕೆ
ಈ ಪತ್ರಿಕೆಯಲ್ಲಿ ಪ್ರಕಟವಾಗುವ ಜಾಹೀರಾತುಗಳ ಸತ್ಯಾಸತ್ಯತೆಯನ್ನು ಓದುಗರು ಖಚಿತಪಡಿಸಿಕೊಂಡು ನಂತರವೇ ವ್ಯವಹರಿಸಬೇಕು. ಜಾಹೀರಾತುಗಳಲ್ಲಿ ನೀಡಲಾದ ಮಾಹಿತಿ ಹಾಗೂ ಭರವಸೆಗಳಿಗೆ ಪತ್ರಿಕೆಯ ಸಂಪಾದಕರು, ಮಾಲೀಕರು ಹಾಗೂ ಮುದ್ರಕರು ಯಾವುದೇ ರೀತಿಯಲ್ಲಿ ಜವಾಬ್ದಾರರಲ್ಲ. ಓದುಗರು ಹಣಕಾಸು ವ್ಯವಹಾರ ನಡೆಸುವ ಮುನ್ನ ಸೂಕ್ತ ಪರಿಶೀಲನೆ ನಡೆಸಬೇಕೆಂದು ವಿನಂತಿ.
- ಜಾಹೀರಾತು ಪ್ರಬಂಧಕರು
Editor, Printed and Published by T.Ganesh Kumar for M/s Honey Printers, from No.2, Vishvesvaraiah Lorry Terminal, Bellary and Printed at web Offset Press No.2 Vishvesvaraiah Lorry Terminal, Bellary-583101. RNI No-69151/97.
